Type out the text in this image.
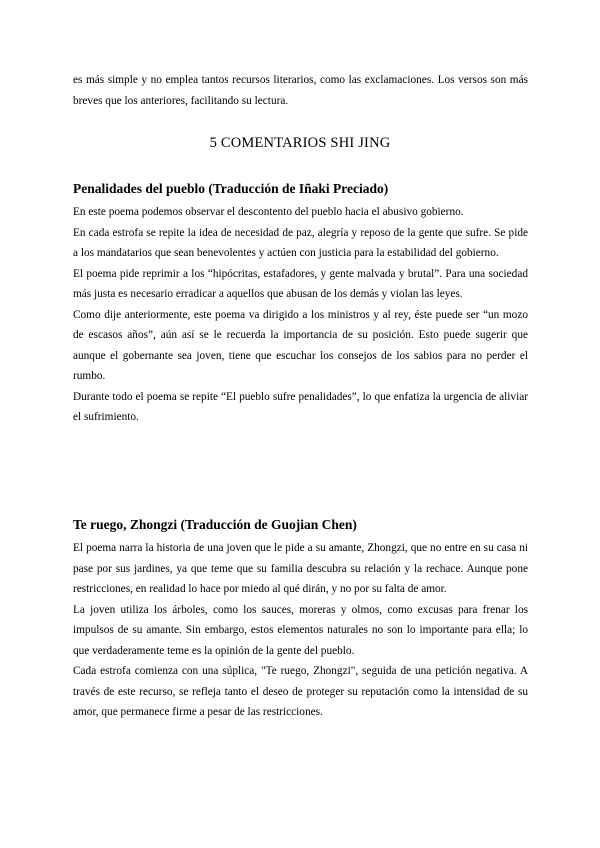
es más simple y no emplea tantos recursos literarios, como las exclamaciones. Los versos son más breves que los anteriores, facilitando su lectura.

5 COMENTARIOS SHI JING
Penalidades del pueblo (Traducción de Iñaki Preciado)

En este poema podemos observar el descontento del pueblo hacia el abusivo gobierno.

En cada estrofa se repite la idea de necesidad de paz, alegría y reposo de la gente que sufre. Se pide a los mandatarios que sean benevolentes y actúen con justicia para la estabilidad del gobierno.

El poema pide reprimir a los “hipócritas, estafadores, y gente malvada y brutal”. Para una sociedad más justa es necesario erradicar a aquellos que abusan de los demás y violan las leyes.

Como dije anteriormente, este poema va dirigido a los ministros y al rey, éste puede ser “un mozo de escasos años”, aún así se le recuerda la importancia de su posición. Esto puede sugerir que aunque el gobernante sea joven, tiene que escuchar los consejos de los sabios para no perder el rumbo.

Durante todo el poema se repite “El pueblo sufre penalidades”, lo que enfatiza la urgencia de aliviar el sufrimiento.

Te ruego, Zhongzi (Traducción de Guojian Chen)

El poema narra la historia de una joven que le pide a su amante, Zhongzi, que no entre en su casa ni pase por sus jardines, ya que teme que su familia descubra su relación y la rechace. Aunque pone restricciones, en realidad lo hace por miedo al qué dirán, y no por su falta de amor.

La joven utiliza los árboles, como los sauces, moreras y olmos, como excusas para frenar los impulsos de su amante. Sin embargo, estos elementos naturales no son lo importante para ella; lo que verdaderamente teme es la opinión de la gente del pueblo.

Cada estrofa comienza con una súplica, "Te ruego, Zhongzi", seguida de una petición negativa. A través de este recurso, se refleja tanto el deseo de proteger su reputación como la intensidad de su amor, que permanece firme a pesar de las restricciones.
